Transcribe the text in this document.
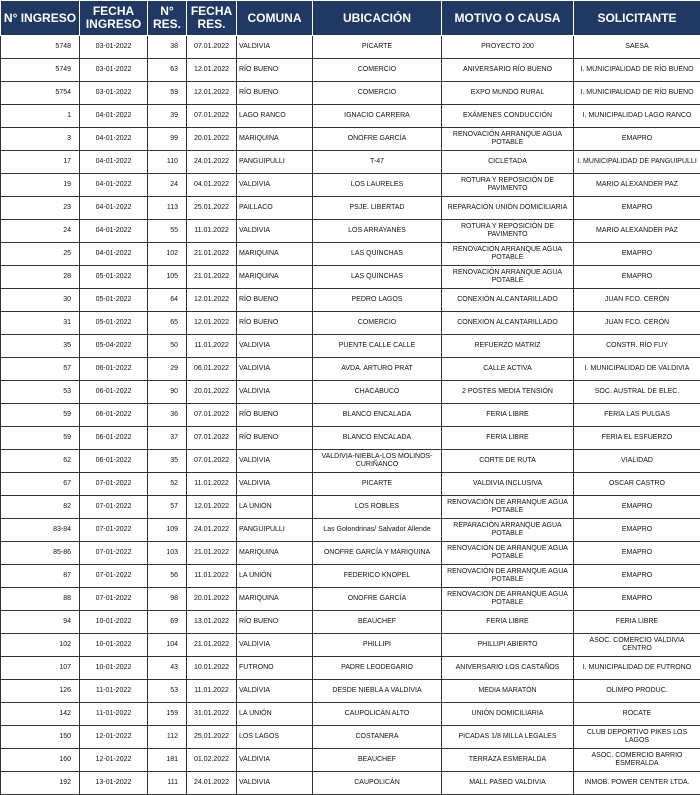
N° INGRESO	FECHA INGRESO	N° RES.	FECHA RES.	COMUNA	UBICACIÓN	MOTIVO O CAUSA	SOLICITANTE
5748	03-01-2022	38	07.01.2022	VALDIVIA	PICARTE	PROYECTO 200	SAESA
5749	03-01-2022	63	12.01.2022	RÍO BUENO	COMERCIO	ANIVERSARIO RÍO BUENO	I. MUNICIPALIDAD DE RÍO BUENO
5754	03-01-2022	59	12.01.2022	RÍO BUENO	COMERCIO	EXPO MUNDO RURAL	I. MUNICIPALIDAD DE RÍO BUENO
1	04-01-2022	39	07.01.2022	LAGO RANCO	IGNACIO CARRERA	EXÁMENES CONDUCCIÓN	I. MUNICIPALIDAD LAGO RANCO
3	04-01-2022	99	20.01.2022	MARIQUINA	ONOFRE GARCÍA	RENOVACIÓN ARRANQUE AGUA POTABLE	EMAPRO
17	04-01-2022	110	24.01.2022	PANGUIPULLI	T-47	CICLETADA	I. MUNICIPALIDAD DE PANGUIPULLI
19	04-01-2022	24	04.01.2022	VALDIVIA	LOS LAURELES	ROTURA Y REPOSICIÓN DE PAVIMENTO	MARIO ALEXANDER PAZ
23	04-01-2022	113	25.01.2022	PAILLACO	PSJE. LIBERTAD	REPARACIÓN UNIÓN DOMICILIARIA	EMAPRO
24	04-01-2022	55	11.01.2022	VALDIVIA	LOS ARRAYANES	ROTURA Y REPOSICIÓN DE PAVIMENTO	MARIO ALEXANDER PAZ
25	04-01-2022	102	21.01.2022	MARIQUINA	LAS QUINCHAS	RENOVACIÓN ARRANQUE AGUA POTABLE	EMAPRO
28	05-01-2022	105	21.01.2022	MARIQUINA	LAS QUINCHAS	RENOVACIÓN ARRANQUE AGUA POTABLE	EMAPRO
30	05-01-2022	64	12.01.2022	RÍO BUENO	PEDRO LAGOS	CONEXIÓN ALCANTARILLADO	JUAN FCO. CERÓN
31	05-01-2022	65	12.01.2022	RÍO BUENO	COMERCIO	CONEXIÓN ALCANTARILLADO	JUAN FCO. CERÓN
35	05-04-2022	50	11.01.2022	VALDIVIA	PUENTE CALLE CALLE	REFUERZO MATRIZ	CONSTR. RÍO FUY
57	06-01-2022	29	06.01.2022	VALDIVIA	AVDA. ARTURO PRAT	CALLE ACTIVA	I. MUNICIPALIDAD DE VALDIVIA
53	06-01-2022	90	20.01.2022	VALDIVIA	CHACABUCO	2 POSTES MEDIA TENSIÓN	SOC. AUSTRAL DE ELEC.
59	06-01-2022	36	07.01.2022	RÍO BUENO	BLANCO ENCALADA	FERIA LIBRE	FERIA LAS PULGAS
59	06-01-2022	37	07.01.2022	RÍO BUENO	BLANCO ENCALADA	FERIA LIBRE	FERIA EL ESFUERZO
62	06-01-2022	35	07.01.2022	VALDIVIA	VALDIVIA-NIEBLA-LOS MOLINOS-CURIÑANCO	CORTE DE RUTA	VIALIDAD
67	07-01-2022	52	11.01.2022	VALDIVIA	PICARTE	VALDIVIA INCLUSIVA	OSCAR CASTRO
82	07-01-2022	57	12.01.2022	LA UNIÓN	LOS ROBLES	RENOVACIÓN DE ARRANQUE AGUA POTABLE	EMAPRO
83-84	07-01-2022	109	24.01.2022	PANGUIPULLI	Las Golondrinas/ Salvador Allende	REPARACIÓN ARRANQUE AGUA POTABLE	EMAPRO
85-86	07-01-2022	103	21.01.2022	MARIQUINA	ONOFRE GARCÍA Y MARIQUINA	RENOVACIÓN DE ARRANQUE AGUA POTABLE	EMAPRO
87	07-01-2022	56	11.01.2022	LA UNIÓN	FEDERICO KNOPEL	RENOVACIÓN DE ARRANQUE AGUA POTABLE	EMAPRO
88	07-01-2022	98	20.01.2022	MARIQUINA	ONOFRE GARCÍA	RENOVACIÓN DE ARRANQUE AGUA POTABLE	EMAPRO
94	10-01-2022	69	13.01.2022	RÍO BUENO	BEAUCHEF	FERIA LIBRE	FERIA LIBRE
102	10-01-2022	104	21.01.2022	VALDIVIA	PHILLIPI	PHILLIPI ABIERTO	ASOC. COMERCIO VALDIVIA CENTRO
107	10-01-2022	43	10.01.2022	FUTRONO	PADRE LEODEGARIO	ANIVERSARIO LOS CASTAÑOS	I. MUNICIPALIDAD DE FUTRONO
126	11-01-2022	53	11.01.2022	VALDIVIA	DESDE NIEBLA A VALDIVIA	MEDIA MARATÓN	OLIMPO PRODUC.
142	11-01-2022	159	31.01.2022	LA UNIÓN	CAUPOLICÁN ALTO	UNIÓN DOMICILIARIA	ROCATE
150	12-01-2022	112	25.01.2022	LOS LAGOS	COSTANERA	PICADAS 1/8 MILLA LEGALES	CLUB DEPORTIVO PIKES LOS LAGOS
160	12-01-2022	181	01.02.2022	VALDIVIA	BEAUCHEF	TERRAZA ESMERALDA	ASOC. COMERCIO BARRIO ESMERALDA
192	13-01-2022	111	24.01.2022	VALDIVIA	CAUPOLICÁN	MALL PASEO VALDIVIA	INMOB. POWER CENTER LTDA.
